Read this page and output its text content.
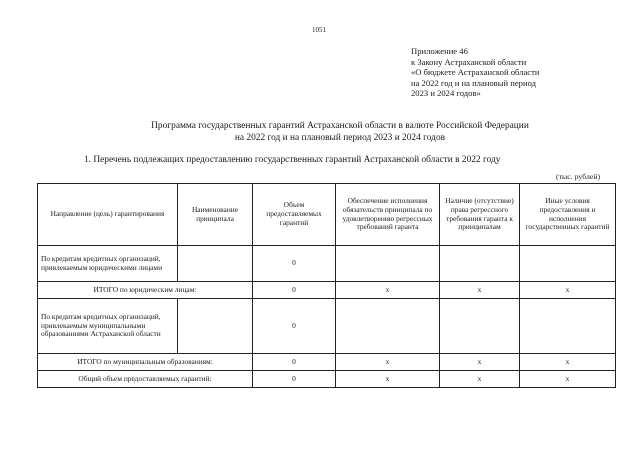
1051
Приложение 46
к Закону Астраханской области
«О бюджете Астраханской области
на 2022 год и на плановый период
2023 и 2024 годов»
Программа государственных гарантий Астраханской области в валюте Российской Федерации
на 2022 год и на плановый период 2023 и 2024 годов
1. Перечень подлежащих предоставлению государственных гарантий Астраханской области в 2022 году
(тыс. рублей)
Направление (цель) гарантирования	Наименование принципала	Объем предоставляемых гарантий	Обеспечение исполнения обязательств принципала по удовлетворению регрессных требований гаранта	Наличие (отсутствие) права регрессного требования гаранта к принципалам	Иные условия предоставления и исполнения государственных гарантий
По кредитам кредитных организаций, привлекаемым юридическими лицами		0			
ИТОГО по юридическим лицам:		0	x	x	x
По кредитам кредитных организаций, привлекаемым муниципальными образованиями Астраханской области		0			
ИТОГО по муниципальным образованиям:		0	x	x	x
Общий объем предоставляемых гарантий:		0	x	x	x
